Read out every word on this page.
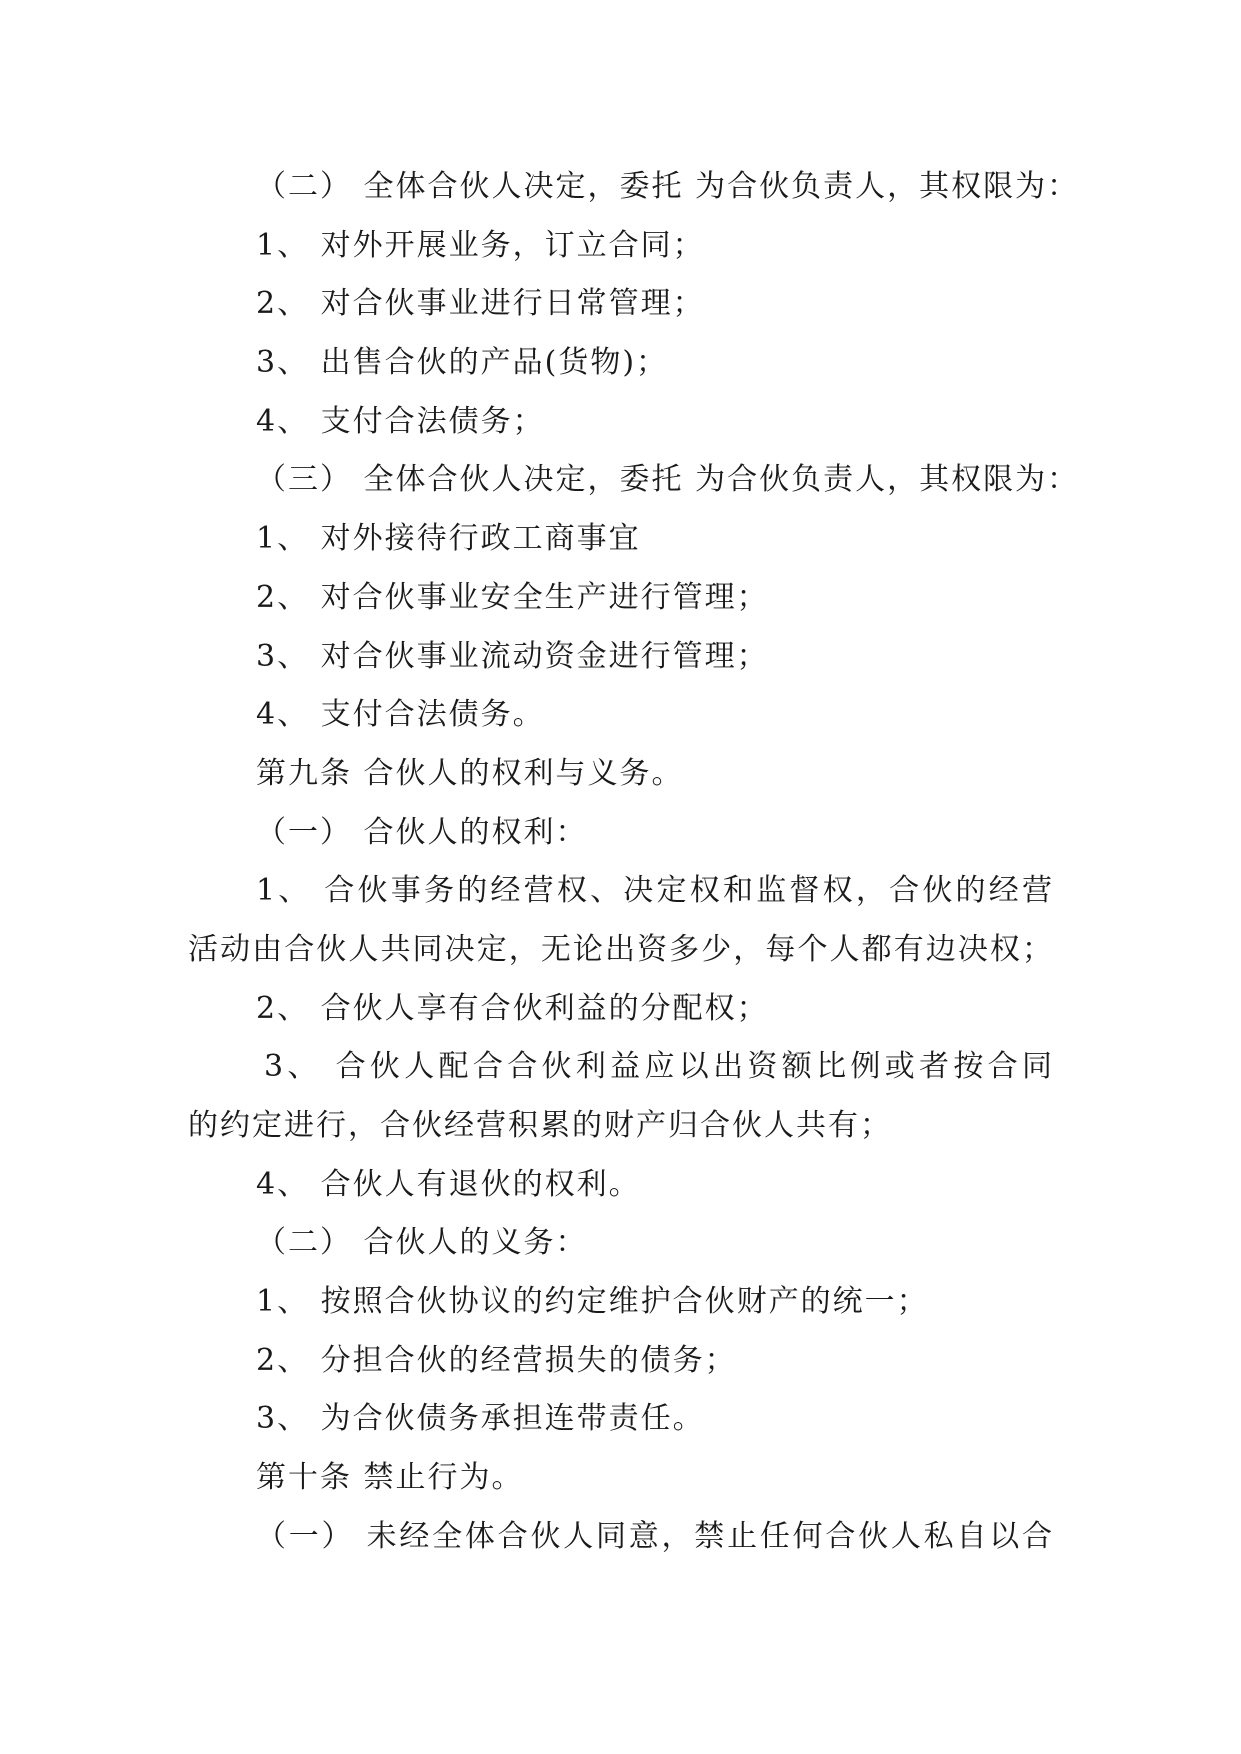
（二） 全体合伙人决定，委托 为合伙负责人，其权限为：
1、 对外开展业务，订立合同；
2、 对合伙事业进行日常管理；
3、 出售合伙的产品(货物)；
4、 支付合法债务；
（三） 全体合伙人决定，委托 为合伙负责人，其权限为：
1、 对外接待行政工商事宜
2、 对合伙事业安全生产进行管理；
3、 对合伙事业流动资金进行管理；
4、 支付合法债务。
第九条 合伙人的权利与义务。
（一） 合伙人的权利：
1、 合伙事务的经营权、决定权和监督权，合伙的经营
活动由合伙人共同决定，无论出资多少，每个人都有边决权；
2、 合伙人享有合伙利益的分配权；
3、 合伙人配合合伙利益应以出资额比例或者按合同
的约定进行，合伙经营积累的财产归合伙人共有；
4、 合伙人有退伙的权利。
（二） 合伙人的义务：
1、 按照合伙协议的约定维护合伙财产的统一；
2、 分担合伙的经营损失的债务；
3、 为合伙债务承担连带责任。
第十条 禁止行为。
（一） 未经全体合伙人同意，禁止任何合伙人私自以合
